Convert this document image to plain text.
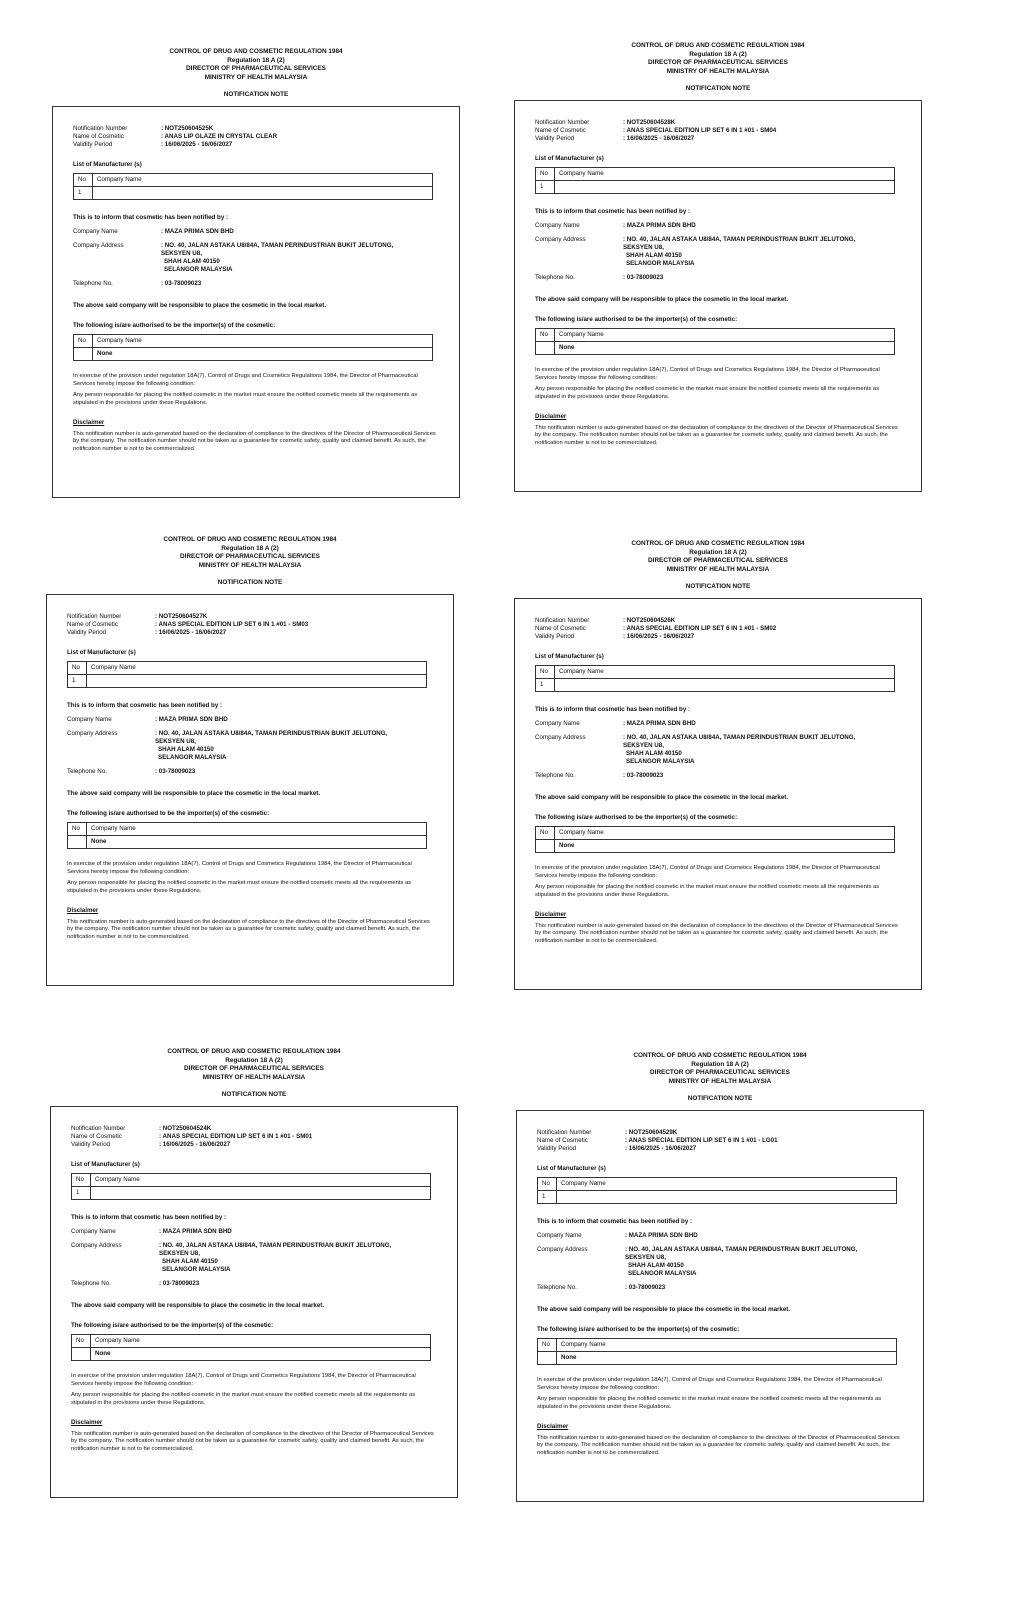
CONTROL OF DRUG AND COSMETIC REGULATION 1984
Regulation 18 A (2)
DIRECTOR OF PHARMACEUTICAL SERVICES
MINISTRY OF HEALTH MALAYSIA
NOTIFICATION NOTE
Notification Number	: NOT250604525K
Name of Cosmetic	: ANAS LIP GLAZE IN CRYSTAL CLEAR
Validity Period	: 16/06/2025 - 16/06/2027
List of Manufacturer (s)
No	Company Name
1	
This is to inform that cosmetic has been notified by :
Company Name	: MAZA PRIMA SDN BHD
Company Address	: NO. 40, JALAN ASTAKA U8/84A, TAMAN PERINDUSTRIAN BUKIT JELUTONG,
SEKSYEN U8,
SHAH ALAM 40150
SELANGOR MALAYSIA
Telephone No.	: 03-78009023
The above said company will be responsible to place the cosmetic in the local market.
The following is/are authorised to be the importer(s) of the cosmetic:
No	Company Name
	None
In exercise of the provision under regulation 18A(7), Control of Drugs and Cosmetics Regulations 1984, the Director of Pharmaceutical Services hereby impose the following condition:
Any person responsible for placing the notified cosmetic in the market must ensure the notified cosmetic meets all the requirements as stipulated in the provisions under these Regulations.
Disclaimer
This notification number is auto-generated based on the declaration of compliance to the directives of the Director of Pharmaceutical Services by the company. The notification number should not be taken as a guarantee for cosmetic safety, quality and claimed benefit. As such, the notification number is not to be commercialized.
CONTROL OF DRUG AND COSMETIC REGULATION 1984
Regulation 18 A (2)
DIRECTOR OF PHARMACEUTICAL SERVICES
MINISTRY OF HEALTH MALAYSIA
NOTIFICATION NOTE
Notification Number	: NOT250604528K
Name of Cosmetic	: ANAS SPECIAL EDITION LIP SET 6 IN 1 #01 - SM04
Validity Period	: 16/06/2025 - 16/06/2027
List of Manufacturer (s)
No	Company Name
1	
This is to inform that cosmetic has been notified by :
Company Name	: MAZA PRIMA SDN BHD
Company Address	: NO. 40, JALAN ASTAKA U8/84A, TAMAN PERINDUSTRIAN BUKIT JELUTONG,
SEKSYEN U8,
SHAH ALAM 40150
SELANGOR MALAYSIA
Telephone No.	: 03-78009023
The above said company will be responsible to place the cosmetic in the local market.
The following is/are authorised to be the importer(s) of the cosmetic:
No	Company Name
	None
In exercise of the provision under regulation 18A(7), Control of Drugs and Cosmetics Regulations 1984, the Director of Pharmaceutical Services hereby impose the following condition:
Any person responsible for placing the notified cosmetic in the market must ensure the notified cosmetic meets all the requirements as stipulated in the provisions under these Regulations.
Disclaimer
This notification number is auto-generated based on the declaration of compliance to the directives of the Director of Pharmaceutical Services by the company. The notification number should not be taken as a guarantee for cosmetic safety, quality and claimed benefit. As such, the notification number is not to be commercialized.
CONTROL OF DRUG AND COSMETIC REGULATION 1984
Regulation 18 A (2)
DIRECTOR OF PHARMACEUTICAL SERVICES
MINISTRY OF HEALTH MALAYSIA
NOTIFICATION NOTE
Notification Number	: NOT250604527K
Name of Cosmetic	: ANAS SPECIAL EDITION LIP SET 6 IN 1 #01 - SM03
Validity Period	: 16/06/2025 - 16/06/2027
List of Manufacturer (s)
No	Company Name
1	
This is to inform that cosmetic has been notified by :
Company Name	: MAZA PRIMA SDN BHD
Company Address	: NO. 40, JALAN ASTAKA U8/84A, TAMAN PERINDUSTRIAN BUKIT JELUTONG,
SEKSYEN U8,
SHAH ALAM 40150
SELANGOR MALAYSIA
Telephone No.	: 03-78009023
The above said company will be responsible to place the cosmetic in the local market.
The following is/are authorised to be the importer(s) of the cosmetic:
No	Company Name
	None
In exercise of the provision under regulation 18A(7), Control of Drugs and Cosmetics Regulations 1984, the Director of Pharmaceutical Services hereby impose the following condition:
Any person responsible for placing the notified cosmetic in the market must ensure the notified cosmetic meets all the requirements as stipulated in the provisions under these Regulations.
Disclaimer
This notification number is auto-generated based on the declaration of compliance to the directives of the Director of Pharmaceutical Services by the company. The notification number should not be taken as a guarantee for cosmetic safety, quality and claimed benefit. As such, the notification number is not to be commercialized.
CONTROL OF DRUG AND COSMETIC REGULATION 1984
Regulation 18 A (2)
DIRECTOR OF PHARMACEUTICAL SERVICES
MINISTRY OF HEALTH MALAYSIA
NOTIFICATION NOTE
Notification Number	: NOT250604526K
Name of Cosmetic	: ANAS SPECIAL EDITION LIP SET 6 IN 1 #01 - SM02
Validity Period	: 16/06/2025 - 16/06/2027
List of Manufacturer (s)
No	Company Name
1	
This is to inform that cosmetic has been notified by :
Company Name	: MAZA PRIMA SDN BHD
Company Address	: NO. 40, JALAN ASTAKA U8/84A, TAMAN PERINDUSTRIAN BUKIT JELUTONG,
SEKSYEN U8,
SHAH ALAM 40150
SELANGOR MALAYSIA
Telephone No.	: 03-78009023
The above said company will be responsible to place the cosmetic in the local market.
The following is/are authorised to be the importer(s) of the cosmetic:
No	Company Name
	None
In exercise of the provision under regulation 18A(7), Control of Drugs and Cosmetics Regulations 1984, the Director of Pharmaceutical Services hereby impose the following condition:
Any person responsible for placing the notified cosmetic in the market must ensure the notified cosmetic meets all the requirements as stipulated in the provisions under these Regulations.
Disclaimer
This notification number is auto-generated based on the declaration of compliance to the directives of the Director of Pharmaceutical Services by the company. The notification number should not be taken as a guarantee for cosmetic safety, quality and claimed benefit. As such, the notification number is not to be commercialized.
CONTROL OF DRUG AND COSMETIC REGULATION 1984
Regulation 18 A (2)
DIRECTOR OF PHARMACEUTICAL SERVICES
MINISTRY OF HEALTH MALAYSIA
NOTIFICATION NOTE
Notification Number	: NOT250604524K
Name of Cosmetic	: ANAS SPECIAL EDITION LIP SET 6 IN 1 #01 - SM01
Validity Period	: 16/06/2025 - 16/06/2027
List of Manufacturer (s)
No	Company Name
1	
This is to inform that cosmetic has been notified by :
Company Name	: MAZA PRIMA SDN BHD
Company Address	: NO. 40, JALAN ASTAKA U8/84A, TAMAN PERINDUSTRIAN BUKIT JELUTONG,
SEKSYEN U8,
SHAH ALAM 40150
SELANGOR MALAYSIA
Telephone No.	: 03-78009023
The above said company will be responsible to place the cosmetic in the local market.
The following is/are authorised to be the importer(s) of the cosmetic:
No	Company Name
	None
In exercise of the provision under regulation 18A(7), Control of Drugs and Cosmetics Regulations 1984, the Director of Pharmaceutical Services hereby impose the following condition:
Any person responsible for placing the notified cosmetic in the market must ensure the notified cosmetic meets all the requirements as stipulated in the provisions under these Regulations.
Disclaimer
This notification number is auto-generated based on the declaration of compliance to the directives of the Director of Pharmaceutical Services by the company. The notification number should not be taken as a guarantee for cosmetic safety, quality and claimed benefit. As such, the notification number is not to be commercialized.
CONTROL OF DRUG AND COSMETIC REGULATION 1984
Regulation 18 A (2)
DIRECTOR OF PHARMACEUTICAL SERVICES
MINISTRY OF HEALTH MALAYSIA
NOTIFICATION NOTE
Notification Number	: NOT250604529K
Name of Cosmetic	: ANAS SPECIAL EDITION LIP SET 6 IN 1 #01 - LG01
Validity Period	: 16/06/2025 - 16/06/2027
List of Manufacturer (s)
No	Company Name
1	
This is to inform that cosmetic has been notified by :
Company Name	: MAZA PRIMA SDN BHD
Company Address	: NO. 40, JALAN ASTAKA U8/84A, TAMAN PERINDUSTRIAN BUKIT JELUTONG,
SEKSYEN U8,
SHAH ALAM 40150
SELANGOR MALAYSIA
Telephone No.	: 03-78009023
The above said company will be responsible to place the cosmetic in the local market.
The following is/are authorised to be the importer(s) of the cosmetic:
No	Company Name
	None
In exercise of the provision under regulation 18A(7), Control of Drugs and Cosmetics Regulations 1984, the Director of Pharmaceutical Services hereby impose the following condition:
Any person responsible for placing the notified cosmetic in the market must ensure the notified cosmetic meets all the requirements as stipulated in the provisions under these Regulations.
Disclaimer
This notification number is auto-generated based on the declaration of compliance to the directives of the Director of Pharmaceutical Services by the company. The notification number should not be taken as a guarantee for cosmetic safety, quality and claimed benefit. As such, the notification number is not to be commercialized.
